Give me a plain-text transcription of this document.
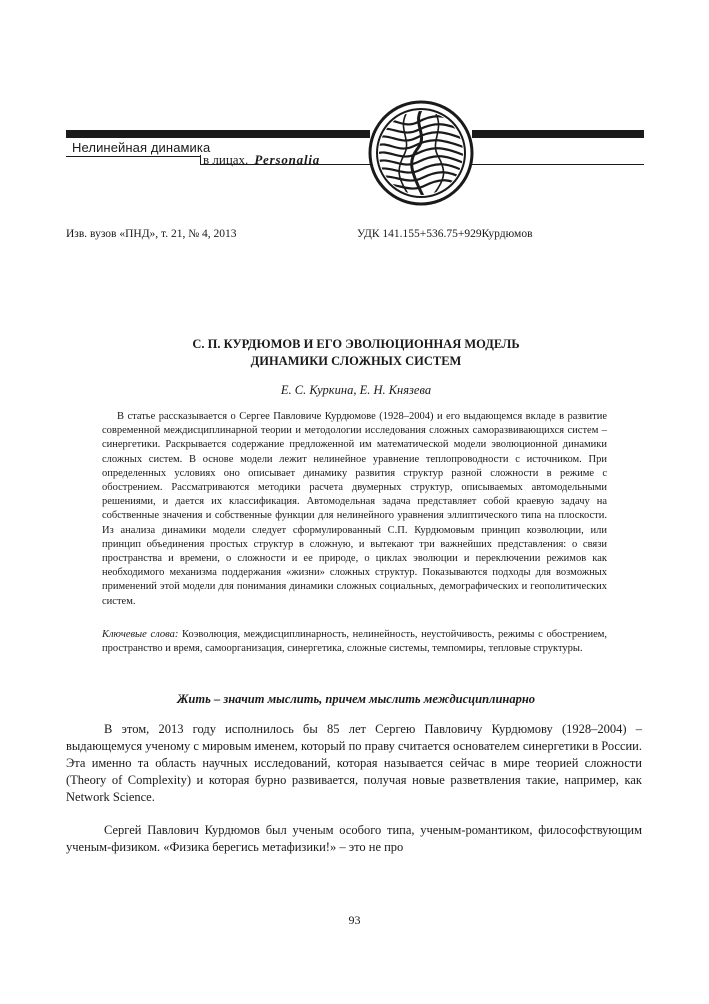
Нелинейная динамика
в лицах. Personalia
Изв. вузов «ПНД», т. 21, № 4, 2013	УДК 141.155+536.75+929Курдюмов
С. П. КУРДЮМОВ И ЕГО ЭВОЛЮЦИОННАЯ МОДЕЛЬ
ДИНАМИКИ СЛОЖНЫХ СИСТЕМ
Е. С. Куркина, Е. Н. Князева

В статье рассказывается о Сергее Павловиче Курдюмове (1928–2004) и его выдающемся вкладе в развитие современной междисциплинарной теории и методологии исследования сложных саморазвивающихся систем – синергетики. Раскрывается содержание предложенной им математической модели эволюционной динамики сложных систем. В основе модели лежит нелинейное уравнение теплопроводности с источником. При определенных условиях оно описывает динамику развития структур разной сложности в режиме с обострением. Рассматриваются методики расчета двумерных структур, описываемых автомодельными решениями, и дается их классификация. Автомодельная задача представляет собой краевую задачу на собственные значения и собственные функции для нелинейного уравнения эллиптического типа на плоскости. Из анализа динамики модели следует сформулированный С.П. Курдюмовым принцип коэволюции, или принцип объединения простых структур в сложную, и вытекают три важнейших представления: о связи пространства и времени, о сложности и ее природе, о циклах эволюции и переключении режимов как необходимого механизма поддержания «жизни» сложных структур. Показываются подходы для возможных применений этой модели для понимания динамики сложных социальных, демографических и геополитических систем.

Ключевые слова: Коэволюция, междисциплинарность, нелинейность, неустойчивость, режимы с обострением, пространство и время, самоорганизация, синергетика, сложные системы, темпомиры, тепловые структуры.

Жить – значит мыслить, причем мыслить междисциплинарно

В этом, 2013 году исполнилось бы 85 лет Сергею Павловичу Курдюмову (1928–2004) – выдающемуся ученому с мировым именем, который по праву считается основателем синергетики в России. Эта именно та область научных исследований, которая называется сейчас в мире теорией сложности (Theory of Complexity) и которая бурно развивается, получая новые разветвления такие, например, как Network Science.

Сергей Павлович Курдюмов был ученым особого типа, ученым-романтиком, философствующим ученым-физиком. «Физика берегись метафизики!» – это не про

93
